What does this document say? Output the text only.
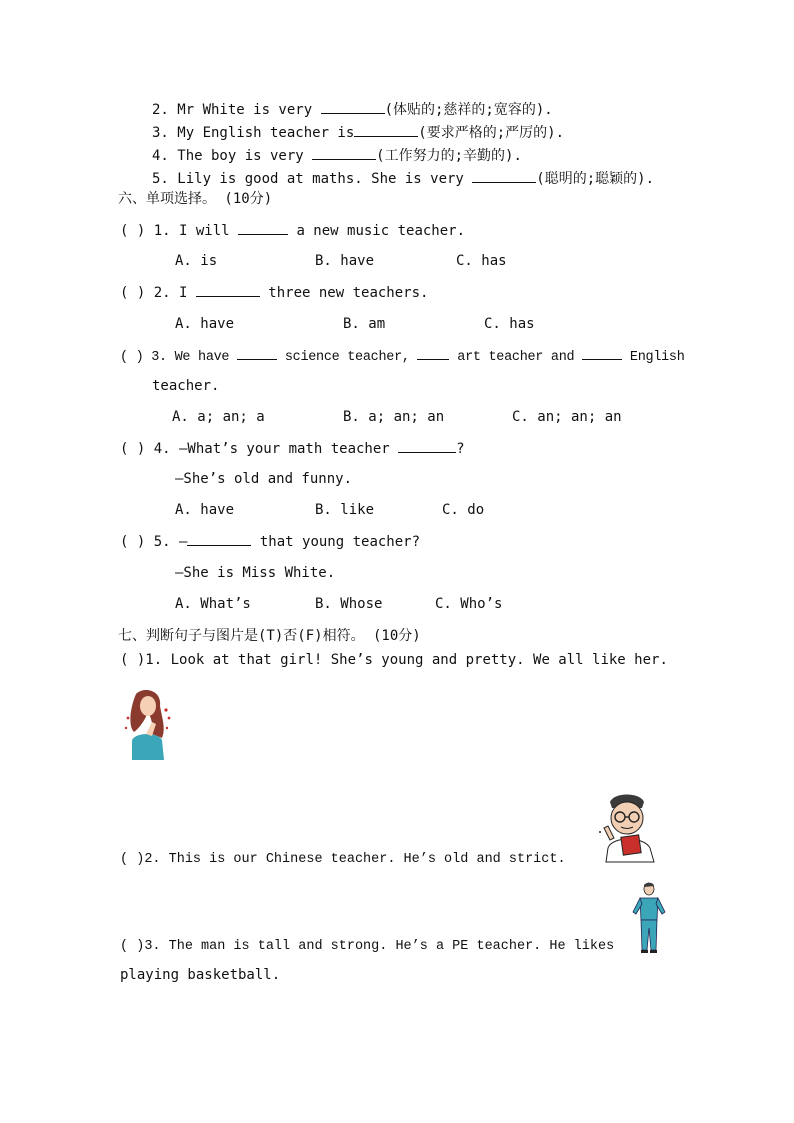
2. Mr White is very	(体贴的;慈祥的;宽容的).
3. My English teacher is	(要求严格的;严厉的).
4. The boy is very	(工作努力的;辛勤的).
5. Lily is good at maths. She is very	(聪明的;聪颖的).
六、单项选择。 (10分)
( ) 1. I will	a new music teacher.
A. is	B. have	C. has
( ) 2. I	three new teachers.
A. have	B. am	C. has
( ) 3. We have	science teacher,  art teacher and	English
teacher.
A. a; an; a	B. a; an; an	C. an; an; an
( ) 4. —What’s your math teacher	?
—She’s old and funny.
A. have	B. like	C. do
( ) 5. —	that young teacher?
—She is Miss White.
A. What’s	B. Whose	C. Who’s
七、判断句子与图片是(T)否(F)相符。 (10分)
( )1. Look at that girl! She’s young and pretty. We all like her.
( )2. This is our Chinese teacher. He’s old and strict.
( )3. The man is tall and strong. He’s a PE teacher. He likes
playing basketball.
